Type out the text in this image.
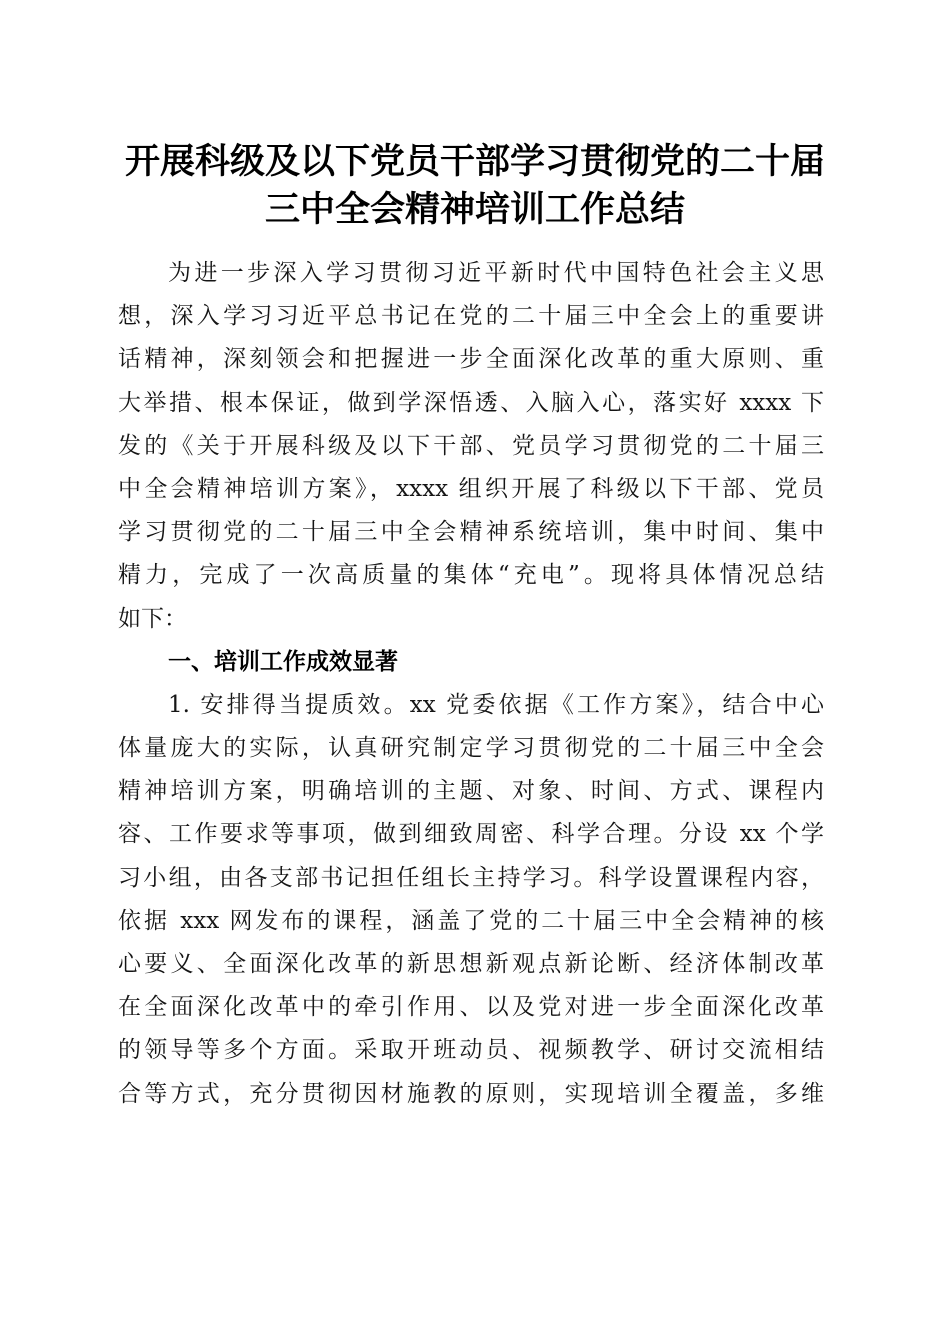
开展科级及以下党员干部学习贯彻党的二十届
三中全会精神培训工作总结
为进一步深入学习贯彻习近平新时代中国特色社会主义思
想，深入学习习近平总书记在党的二十届三中全会上的重要讲
话精神，深刻领会和把握进一步全面深化改革的重大原则、重
大举措、根本保证，做到学深悟透、入脑入心，落实好 xxxx 下
发的《关于开展科级及以下干部、党员学习贯彻党的二十届三
中全会精神培训方案》，xxxx 组织开展了科级以下干部、党员
学习贯彻党的二十届三中全会精神系统培训，集中时间、集中
精力，完成了一次高质量的集体“充电”。现将具体情况总结
如下：
一、培训工作成效显著
1. 安排得当提质效。xx 党委依据《工作方案》，结合中心
体量庞大的实际，认真研究制定学习贯彻党的二十届三中全会
精神培训方案，明确培训的主题、对象、时间、方式、课程内
容、工作要求等事项，做到细致周密、科学合理。分设 xx 个学
习小组，由各支部书记担任组长主持学习。科学设置课程内容，
依据 xxx 网发布的课程，涵盖了党的二十届三中全会精神的核
心要义、全面深化改革的新思想新观点新论断、经济体制改革
在全面深化改革中的牵引作用、以及党对进一步全面深化改革
的领导等多个方面。采取开班动员、视频教学、研讨交流相结
合等方式，充分贯彻因材施教的原则，实现培训全覆盖，多维
